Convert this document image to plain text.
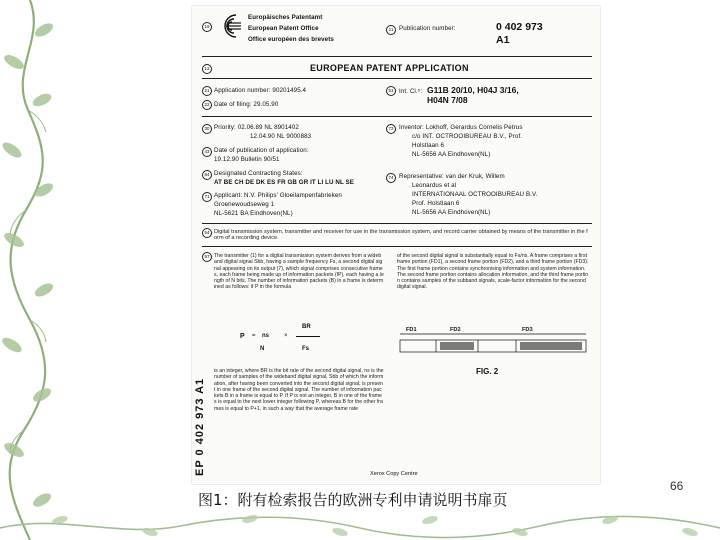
19
Europäisches Patentamt
European Patent Office
Office européen des brevets
11 Publication number:	0 402 973
A1
12	EUROPEAN PATENT APPLICATION
21 Application number: 90201495.4
22 Date of filing: 29.05.90
51 Int. Cl.⁵: G11B 20/10, H04J 3/16,
H04N 7/08
30 Priority: 02.06.89 NL 8901402
12.04.90 NL 9000883
43 Date of publication of application:
19.12.90 Bulletin 90/51
84 Designated Contracting States:
AT BE CH DE DK ES FR GB GR IT LI LU NL SE
71 Applicant: N.V. Philips' Gloeilampenfabrieken
Groenewoudseweg 1
NL-5621 BA Eindhoven(NL)
72 Inventor: Lokhoff, Gerardus Cornelis Petrus
c/o INT. OCTROOIBUREAU B.V., Prof.
Holstlaan 6
NL-5656 AA Eindhoven(NL)
74 Representative: van der Kruk, Willem
Leonardus et al
INTERNATIONAAL OCTROOIBUREAU B.V.
Prof. Holstlaan 6
NL-5656 AA Eindhoven(NL)
54 Digital transmission system, transmitter and receiver for use in the transmission system, and record carrier obtained by means of the transmitter in the form of a recording device.
57 The transmitter (1) for a digital transmission system derives from a wideband digital signal Sbb, having a sample frequency Fs, a second digital signal appearing on its output (7), which signal comprises consecutive frames, each frame being made up of information packets (IP), each having a length of N bits. The number of information packets (B) in a frame is determined as follows: if P in the formula
of the second digital signal is substantially equal to Fs/ns. A frame comprises a first frame portion (FD1), a second frame portion (FD2), and a third frame portion (FD3). The first frame portion contains synchronising information and system information. The second frame portion contains allocation information, and the third frame portion contains samples of the subband signals, scale-factor information for the second digital signal.
BR
P = ns ×
N	Fs
FD1	FD2	FD3
FIG. 2
is an integer, where BR is the bit rate of the second digital signal, ns is the number of samples of the wideband digital signal, Sbb of which the information, after having been converted into the second digital signal, is present in one frame of the second digital signal. The number of information packets B in a frame is equal to P. If P is not an integer, B in one of the frames is equal to the next lower integer following P, whereas B for the other frames is equal to P+1, in such a way that the average frame rate
EP 0 402 973 A1	Xerox Copy Centre
图1：附有检索报告的欧洲专利申请说明书扉页
66
